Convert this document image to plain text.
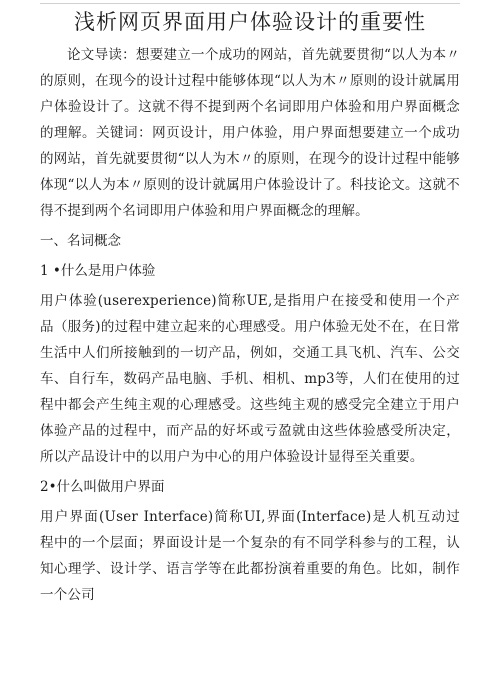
浅析网页界面用户体验设计的重要性

论文导读：想要建立一个成功的网站，首先就要贯彻“以人为本〃的原则，在现今的设计过程中能够体现“以人为木〃原则的设计就属用户体验设计了。这就不得不提到两个名词即用户体验和用户界面概念 的理解。关键词：网页设计，用户体验，用户界面想要建立一个成功的网站，首先就要贯彻“以人为木〃的原则，在现今的设计过程中能够体现“以人为本〃原则的设计就属用户体验设计了。科技论文。这就不得不提到两个名词即用户体验和用户界面概念的理解。

一、名词概念

1 •什么是用户体验

用户体验(userexperience)简称UE,是指用户在接受和使用一个产 品（服务)的过程中建立起来的心理感受。用户体验无处不在，在日常生活中人们所接触到的一切产品，例如，交通工具飞机、汽车、公交车、自行车，数码产品电脑、手机、相机、mp3等，人们在使用的过程中都会产生纯主观的心理感受。这些纯主观的感受完全建立于用户体验产品的过程中，而产品的好坏或亏盈就由这些体验感受所决定，所以产品设计中的以用户为中心的用户体验设计显得至关重要。

2•什么叫做用户界面

用户界面(User Interface)简称UI,界面(Interface)是人机互动过 程中的一个层面；界面设计是一个复杂的有不同学科参与的工程，认知心理学、设计学、语言学等在此都扮演着重要的角色。比如，制作一个公司
